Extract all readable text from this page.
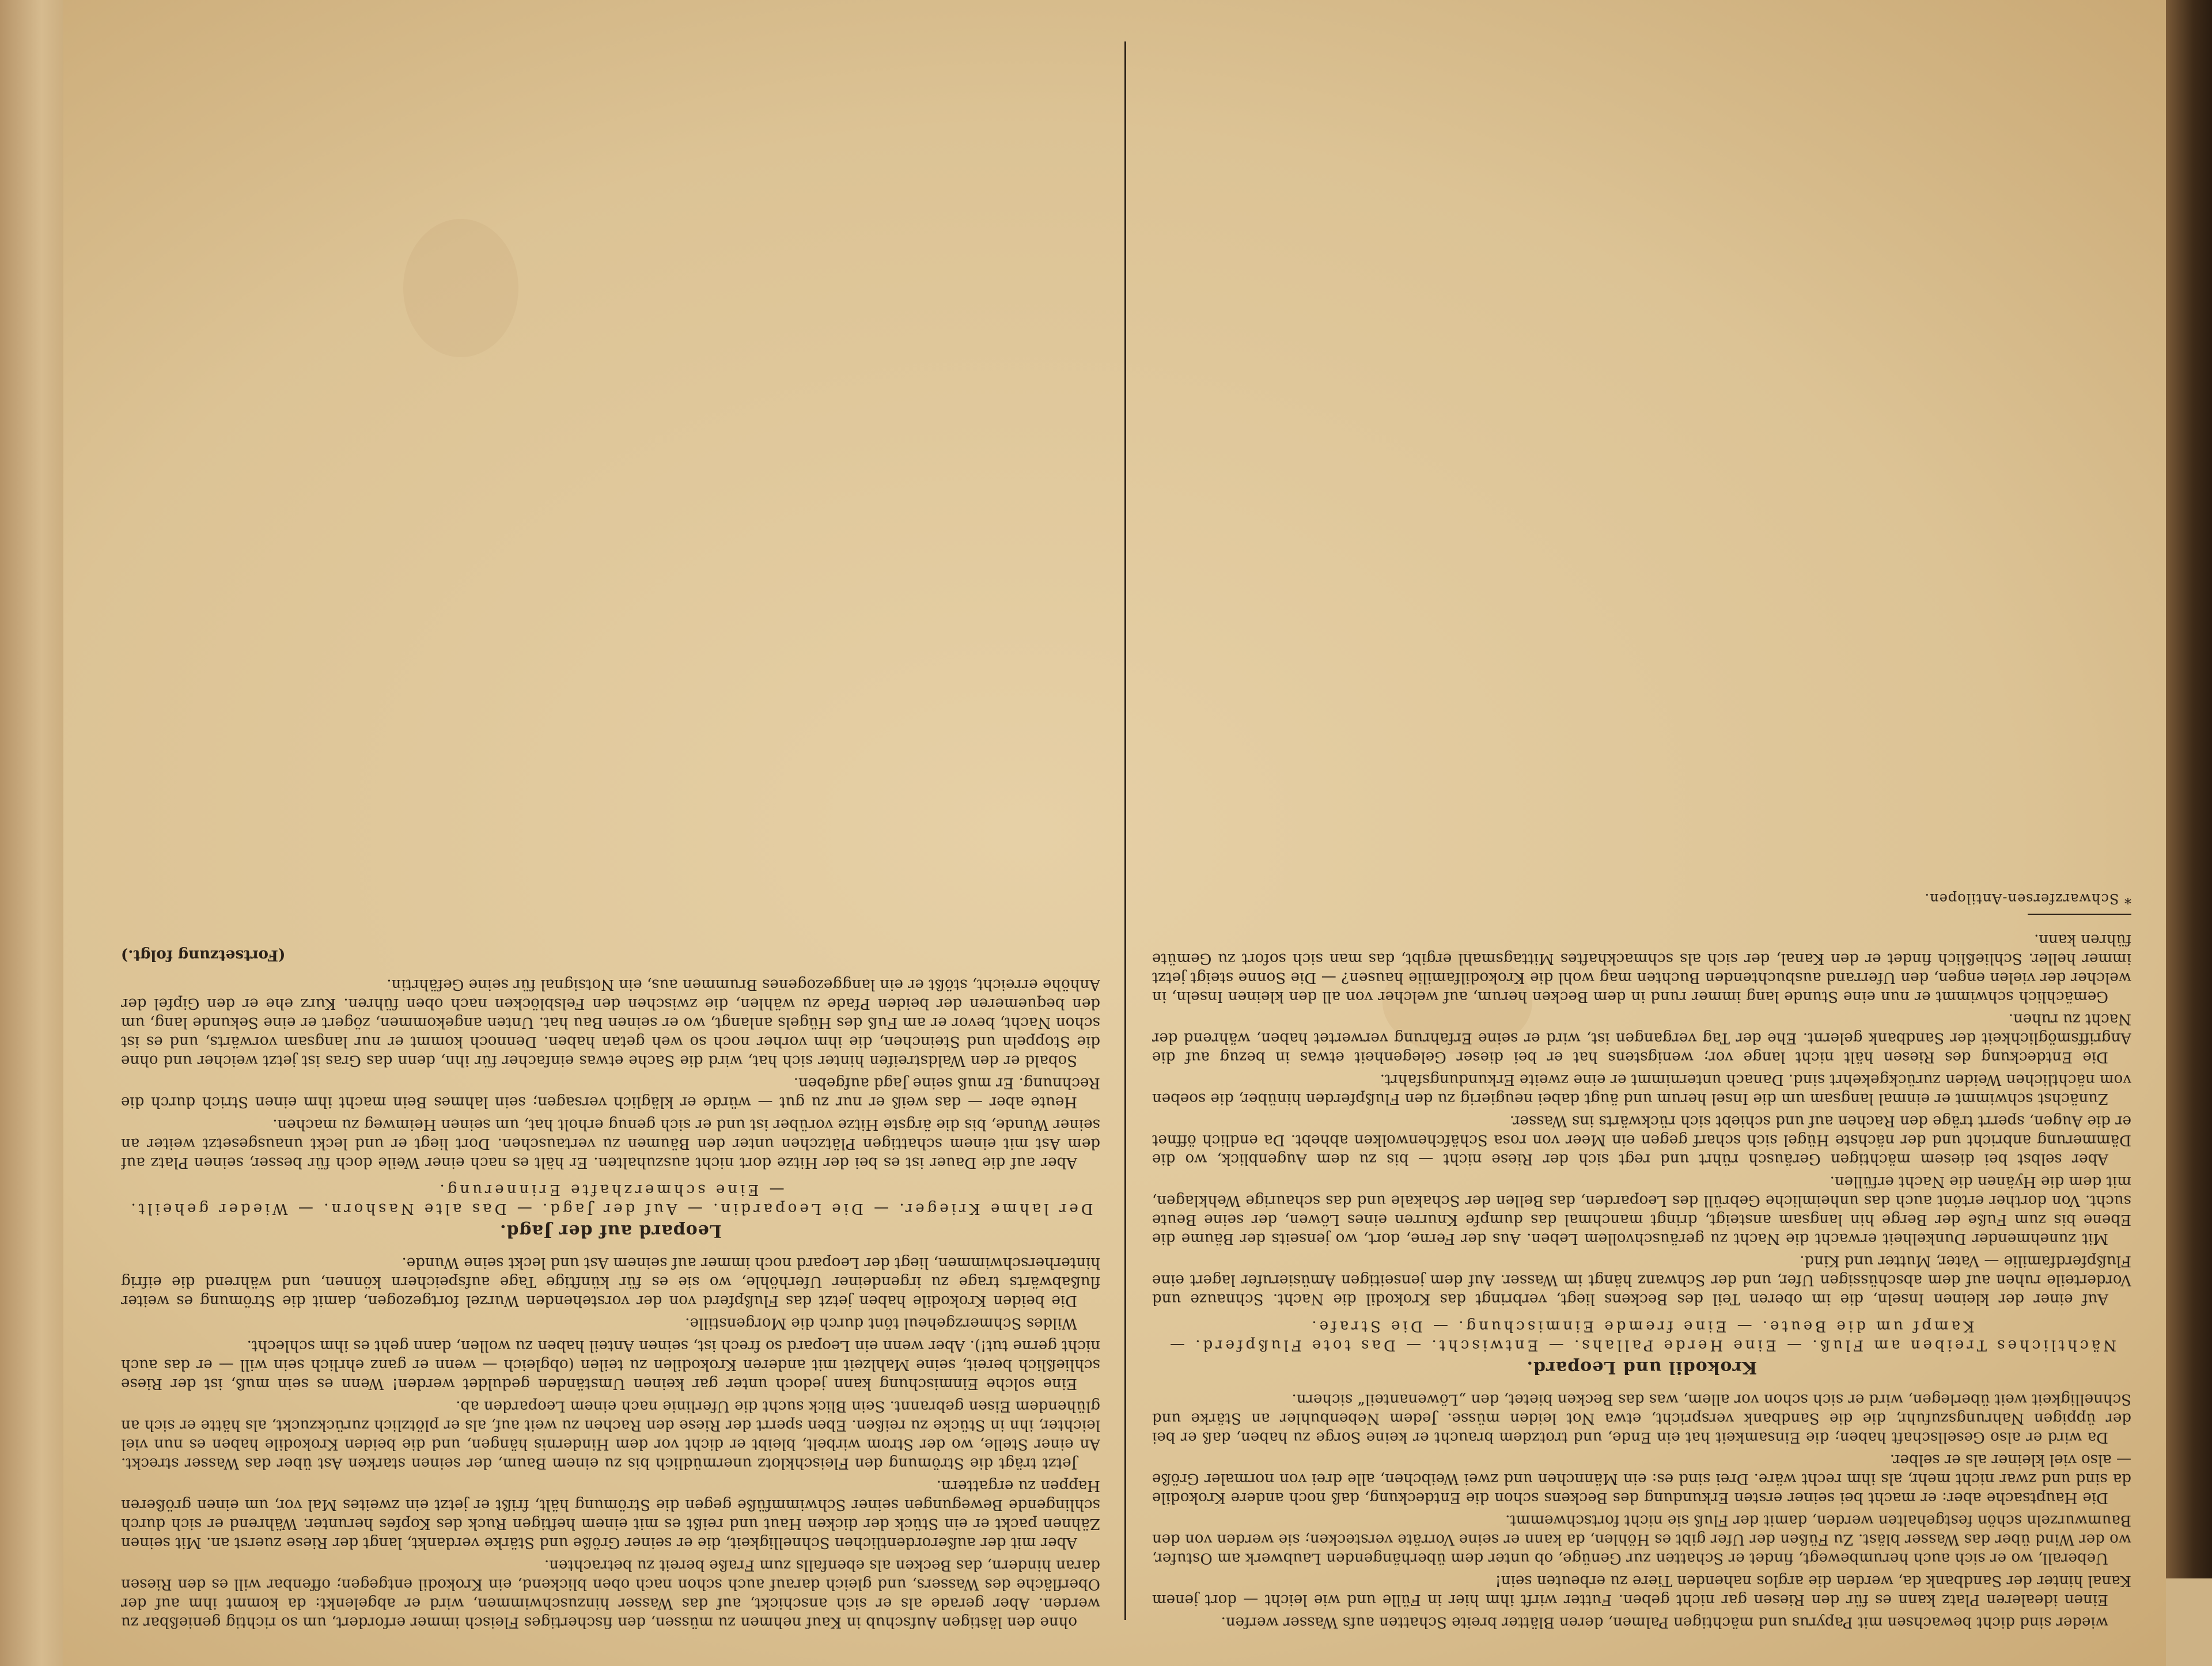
wieder sind dicht bewachsen mit Papyrus und mächtigen Palmen, deren Blätter breite Schatten aufs Wasser werfen.

Einen idealeren Platz kann es für den Riesen gar nicht geben. Futter wirft ihm hier in Fülle und wie leicht — dort jenem Kanal hinter der Sandbank da, werden die arglos nahenden Tiere zu erbeuten sein!

Ueberall, wo er sich auch herumbewegt, findet er Schatten zur Genüge, ob unter dem überhängenden Laubwerk am Ostufer, wo der Wind über das Wasser bläst. Zu Füßen der Ufer gibt es Höhlen, da kann er seine Vorräte verstecken; sie werden von den Baumwurzeln schön festgehalten werden, damit der Fluß sie nicht fortschwemmt.

Die Hauptsache aber: er macht bei seiner ersten Erkundung des Beckens schon die Entdeckung, daß noch andere Krokodile da sind und zwar nicht mehr, als ihm recht wäre. Drei sind es: ein Männchen und zwei Weibchen, alle drei von normaler Größe — also viel kleiner als er selber.

Da wird er also Gesellschaft haben; die Einsamkeit hat ein Ende, und trotzdem braucht er keine Sorge zu haben, daß er bei der üppigen Nahrungszufuhr, die die Sandbank verspricht, etwa Not leiden müsse. Jedem Nebenbuhler an Stärke und Schnelligkeit weit überlegen, wird er sich schon vor allem, was das Becken bietet, den „Löwenanteil“ sichern.

Krokodil und Leopard.
Nächtliches Treiben am Fluß. — Eine Herde Pallahs. — Entwischt. — Das tote Flußpferd. — Kampf um die Beute. — Eine fremde Einmischung. — Die Strafe.

Auf einer der kleinen Inseln, die im oberen Teil des Beckens liegt, verbringt das Krokodil die Nacht. Schnauze und Vorderteile ruhen auf dem abschüssigen Ufer, und der Schwanz hängt im Wasser. Auf dem jenseitigen Amüsierufer lagert eine Flußpferdfamilie — Vater, Mutter und Kind.

Mit zunehmender Dunkelheit erwacht die Nacht zu geräuschvollem Leben. Aus der Ferne, dort, wo jenseits der Bäume die Ebene bis zum Fuße der Berge hin langsam ansteigt, dringt manchmal das dumpfe Knurren eines Löwen, der seine Beute sucht. Von dorther ertönt auch das unheimliche Gebrüll des Leoparden, das Bellen der Schakale und das schaurige Wehklagen, mit dem die Hyänen die Nacht erfüllen.

Aber selbst bei diesem mächtigen Geräusch rührt und regt sich der Riese nicht — bis zu dem Augenblick, wo die Dämmerung anbricht und der nächste Hügel sich scharf gegen ein Meer von rosa Schäfchenwolken abhebt. Da endlich öffnet er die Augen, sperrt träge den Rachen auf und schiebt sich rückwärts ins Wasser.

Zunächst schwimmt er einmal langsam um die Insel herum und äugt dabei neugierig zu den Flußpferden hinüber, die soeben vom nächtlichen Weiden zurückgekehrt sind. Danach unternimmt er eine zweite Erkundungsfahrt.

Die Entdeckung des Riesen hält nicht lange vor; wenigstens hat er bei dieser Gelegenheit etwas in bezug auf die Angriffsmöglichkeit der Sandbank gelernt. Ehe der Tag vergangen ist, wird er seine Erfahrung verwertet haben, während der Nacht zu ruhen.

Gemächlich schwimmt er nun eine Stunde lang immer rund in dem Becken herum, auf welcher von all den kleinen Inseln, in welcher der vielen engen, den Uferrand ausbuchtenden Buchten mag wohl die Krokodilfamilie hausen? — Die Sonne steigt jetzt immer heller. Schließlich findet er den Kanal, der sich als schmackhaftes Mittagsmahl ergibt, das man sich sofort zu Gemüte führen kann.

* Schwarzfersen-Antilopen.

ohne den lästigen Aufschub in Kauf nehmen zu müssen, den fischertiges Fleisch immer erfordert, um so richtig genießbar zu werden. Aber gerade als er sich anschickt, auf das Wasser hinzuschwimmen, wird er abgelenkt: da kommt ihm auf der Oberfläche des Wassers, und gleich darauf auch schon nach oben blickend, ein Krokodil entgegen; offenbar will es den Riesen daran hindern, das Becken als ebenfalls zum Fraße bereit zu betrachten.

Aber mit der außerordentlichen Schnelligkeit, die er seiner Größe und Stärke verdankt, langt der Riese zuerst an. Mit seinen Zähnen packt er ein Stück der dicken Haut und reißt es mit einem heftigen Ruck des Kopfes herunter. Während er sich durch schlingende Bewegungen seiner Schwimmfüße gegen die Strömung hält, frißt er jetzt ein zweites Mal vor, um einen größeren Happen zu ergattern.

Jetzt trägt die Strömung den Fleischklotz unermüdlich bis zu einem Baum, der seinen starken Ast über das Wasser streckt. An einer Stelle, wo der Strom wirbelt, bleibt er dicht vor dem Hindernis hängen, und die beiden Krokodile haben es nun viel leichter, ihn in Stücke zu reißen. Eben sperrt der Riese den Rachen zu weit auf, als er plötzlich zurückzuckt, als hätte er sich an glühendem Eisen gebrannt. Sein Blick sucht die Uferlinie nach einem Leoparden ab.

Eine solche Einmischung kann jedoch unter gar keinen Umständen geduldet werden! Wenn es sein muß, ist der Riese schließlich bereit, seine Mahlzeit mit anderen Krokodilen zu teilen (obgleich — wenn er ganz ehrlich sein will — er das auch nicht gerne tut!). Aber wenn ein Leopard so frech ist, seinen Anteil haben zu wollen, dann geht es ihm schlecht.

Wildes Schmerzgeheul tönt durch die Morgenstille.

Die beiden Krokodile haben jetzt das Flußpferd von der vorstehenden Wurzel fortgezogen, damit die Strömung es weiter flußabwärts trage zu irgendeiner Uferhöhle, wo sie es für künftige Tage aufspeichern können, und während die eifrig hinterherschwimmen, liegt der Leopard noch immer auf seinem Ast und leckt seine Wunde.

Leopard auf der Jagd.
Der lahme Krieger. — Die Leopardin. — Auf der Jagd. — Das alte Nashorn. — Wieder geheilt. — Eine schmerzhafte Erinnerung.

Aber auf die Dauer ist es bei der Hitze dort nicht auszuhalten. Er hält es nach einer Weile doch für besser, seinen Platz auf dem Ast mit einem schattigen Plätzchen unter den Bäumen zu vertauschen. Dort liegt er und leckt unausgesetzt weiter an seiner Wunde, bis die ärgste Hitze vorüber ist und er sich genug erholt hat, um seinen Heimweg zu machen.

Heute aber — das weiß er nur zu gut — würde er kläglich versagen; sein lahmes Bein macht ihm einen Strich durch die Rechnung. Er muß seine Jagd aufgeben.

Sobald er den Waldstreifen hinter sich hat, wird die Sache etwas einfacher für ihn, denn das Gras ist jetzt weicher und ohne die Stoppeln und Steinchen, die ihm vorher noch so weh getan haben. Dennoch kommt er nur langsam vorwärts, und es ist schon Nacht, bevor er am Fuß des Hügels anlangt, wo er seinen Bau hat. Unten angekommen, zögert er eine Sekunde lang, um den bequemeren der beiden Pfade zu wählen, die zwischen den Felsblöcken nach oben führen. Kurz ehe er den Gipfel der Anhöhe erreicht, stößt er ein langgezogenes Brummen aus, ein Notsignal für seine Gefährtin.

(Fortsetzung folgt.)
